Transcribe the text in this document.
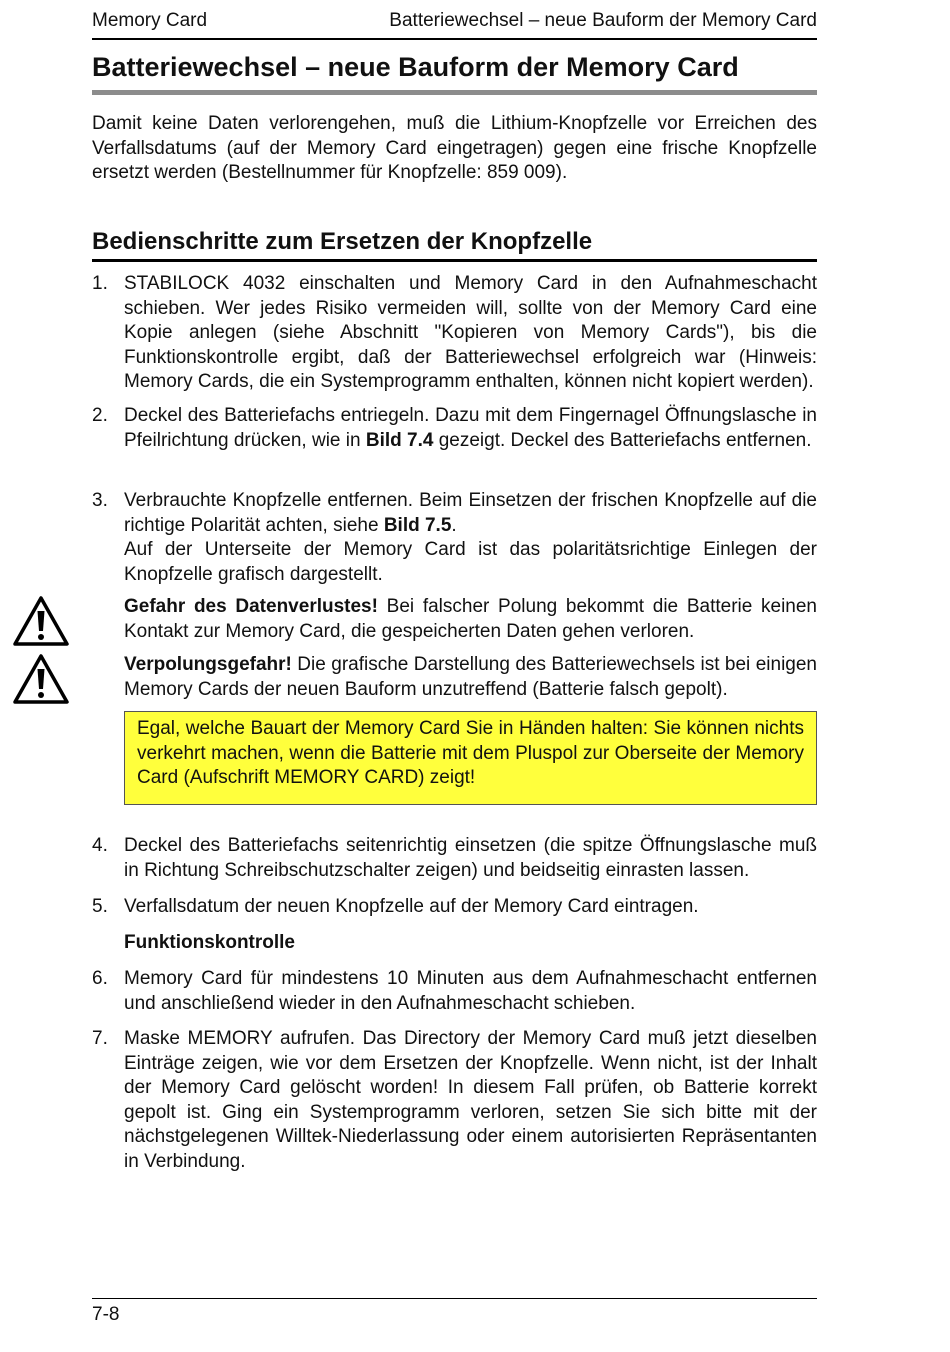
Memory Card	Batteriewechsel – neue Bauform der Memory Card
Batteriewechsel – neue Bauform der Memory Card
Damit keine Daten verlorengehen, muß die Lithium-Knopfzelle vor Erreichen des Verfallsdatums (auf der Memory Card eingetragen) gegen eine frische Knopfzelle ersetzt werden (Bestellnummer für Knopfzelle: 859 009).
Bedienschritte zum Ersetzen der Knopfzelle
1. STABILOCK 4032 einschalten und Memory Card in den Aufnahmeschacht schieben. Wer jedes Risiko vermeiden will, sollte von der Memory Card eine Kopie anlegen (siehe Abschnitt "Kopieren von Memory Cards"), bis die Funktionskontrolle ergibt, daß der Batteriewechsel erfolgreich war (Hinweis: Memory Cards, die ein Systemprogramm enthalten, können nicht kopiert werden).

2. Deckel des Batteriefachs entriegeln. Dazu mit dem Fingernagel Öffnungslasche in Pfeilrichtung drücken, wie in Bild 7.4 gezeigt. Deckel des Batteriefachs entfernen.

3. Verbrauchte Knopfzelle entfernen. Beim Einsetzen der frischen Knopfzelle auf die richtige Polarität achten, siehe Bild 7.5.

Auf der Unterseite der Memory Card ist das polaritätsrichtige Einlegen der Knopfzelle grafisch dargestellt.

Gefahr des Datenverlustes! Bei falscher Polung bekommt die Batterie keinen Kontakt zur Memory Card, die gespeicherten Daten gehen verloren.
Verpolungsgefahr! Die grafische Darstellung des Batteriewechsels ist bei einigen Memory Cards der neuen Bauform unzutreffend (Batterie falsch gepolt).
Egal, welche Bauart der Memory Card Sie in Händen halten: Sie können nichts verkehrt machen, wenn die Batterie mit dem Pluspol zur Oberseite der Memory Card (Aufschrift MEMORY CARD) zeigt!
4. Deckel des Batteriefachs seitenrichtig einsetzen (die spitze Öffnungslasche muß in Richtung Schreibschutzschalter zeigen) und beidseitig einrasten lassen.

5. Verfallsdatum der neuen Knopfzelle auf der Memory Card eintragen.

Funktionskontrolle
6. Memory Card für mindestens 10 Minuten aus dem Aufnahmeschacht entfernen und anschließend wieder in den Aufnahmeschacht schieben.

7. Maske MEMORY aufrufen. Das Directory der Memory Card muß jetzt dieselben Einträge zeigen, wie vor dem Ersetzen der Knopfzelle. Wenn nicht, ist der Inhalt der Memory Card gelöscht worden! In diesem Fall prüfen, ob Batterie korrekt gepolt ist. Ging ein Systemprogramm verloren, setzen Sie sich bitte mit der nächstgelegenen Willtek-Niederlassung oder einem autorisierten Repräsentanten in Verbindung.

7-8
